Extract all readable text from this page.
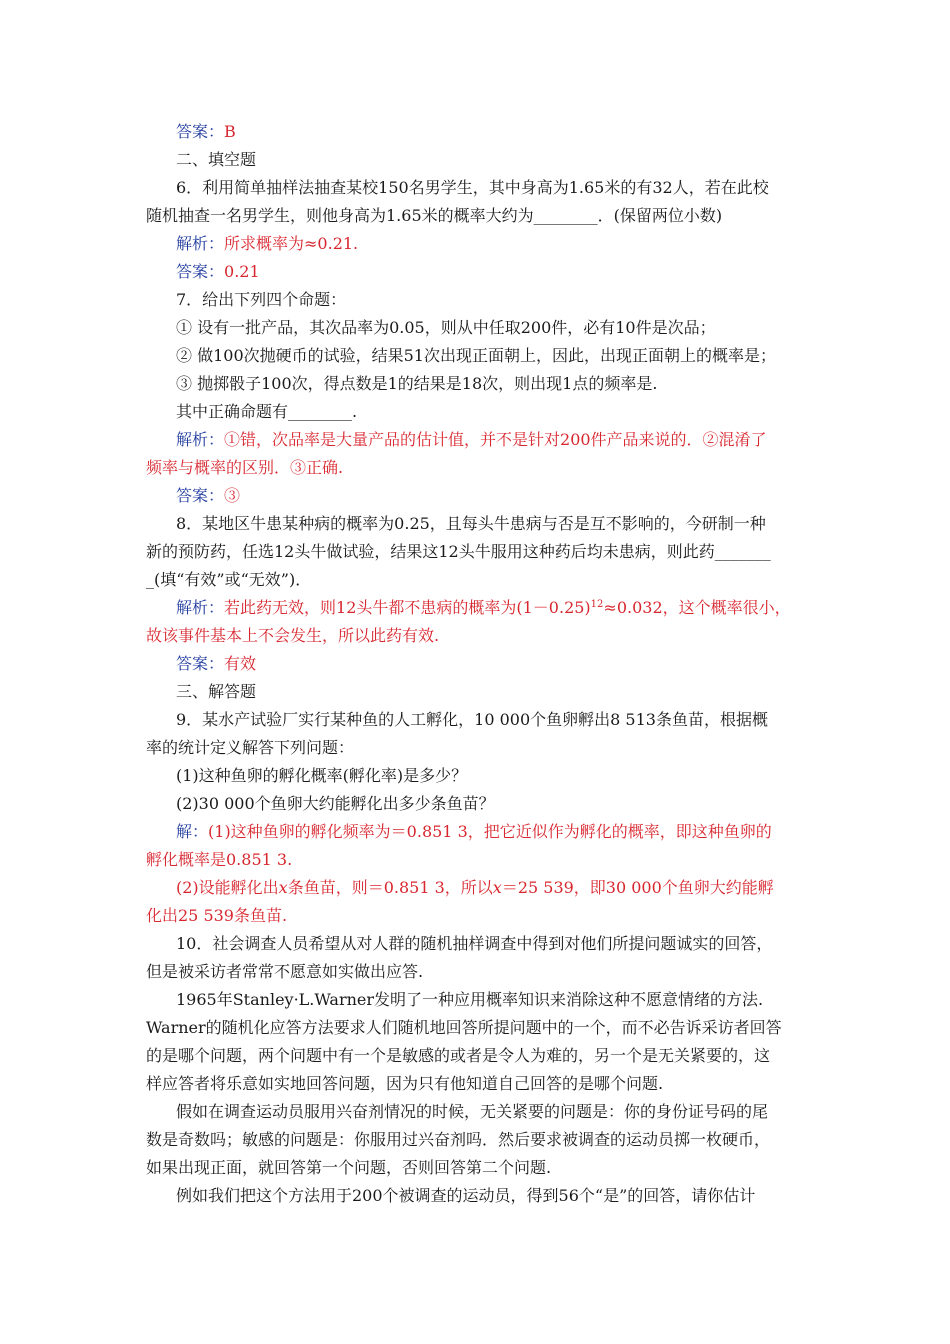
答案：B
二、填空题
6．利用简单抽样法抽查某校150名男学生，其中身高为1.65米的有32人，若在此校
随机抽查一名男学生，则他身高为1.65米的概率大约为________．(保留两位小数)
解析：所求概率为≈0.21.
答案：0.21
7．给出下列四个命题：
① 设有一批产品，其次品率为0.05，则从中任取200件，必有10件是次品；
② 做100次抛硬币的试验，结果51次出现正面朝上，因此，出现正面朝上的概率是；
③ 抛掷骰子100次，得点数是1的结果是18次，则出现1点的频率是.
其中正确命题有________.
解析：①错，次品率是大量产品的估计值，并不是针对200件产品来说的．②混淆了
频率与概率的区别．③正确.
答案：③
8．某地区牛患某种病的概率为0.25，且每头牛患病与否是互不影响的，今研制一种
新的预防药，任选12头牛做试验，结果这12头牛服用这种药后均未患病，则此药_______
_(填“有效”或“无效”)．
解析：若此药无效，则12头牛都不患病的概率为$(1-0.25)^{12}\approx 0.032$，这个概率很小，
故该事件基本上不会发生，所以此药有效.
答案：有效
三、解答题
9．某水产试验厂实行某种鱼的人工孵化，10 000个鱼卵孵出8 513条鱼苗，根据概
率的统计定义解答下列问题：
(1)这种鱼卵的孵化概率(孵化率)是多少？
(2)30 000个鱼卵大约能孵化出多少条鱼苗？
解：(1)这种鱼卵的孵化频率为＝0.851 3，把它近似作为孵化的概率，即这种鱼卵的
孵化概率是0.851 3.
(2)设能孵化出x条鱼苗，则＝0.851 3，所以x＝25 539，即30 000个鱼卵大约能孵
化出25 539条鱼苗.
10．社会调查人员希望从对人群的随机抽样调查中得到对他们所提问题诚实的回答，
但是被采访者常常不愿意如实做出应答.
1965年Stanley·L.Warner发明了一种应用概率知识来消除这种不愿意情绪的方法.
Warner的随机化应答方法要求人们随机地回答所提问题中的一个，而不必告诉采访者回答
的是哪个问题，两个问题中有一个是敏感的或者是令人为难的，另一个是无关紧要的，这
样应答者将乐意如实地回答问题，因为只有他知道自己回答的是哪个问题.
假如在调查运动员服用兴奋剂情况的时候，无关紧要的问题是：你的身份证号码的尾
数是奇数吗；敏感的问题是：你服用过兴奋剂吗．然后要求被调查的运动员掷一枚硬币，
如果出现正面，就回答第一个问题，否则回答第二个问题.
例如我们把这个方法用于200个被调查的运动员，得到56个“是”的回答，请你估计
